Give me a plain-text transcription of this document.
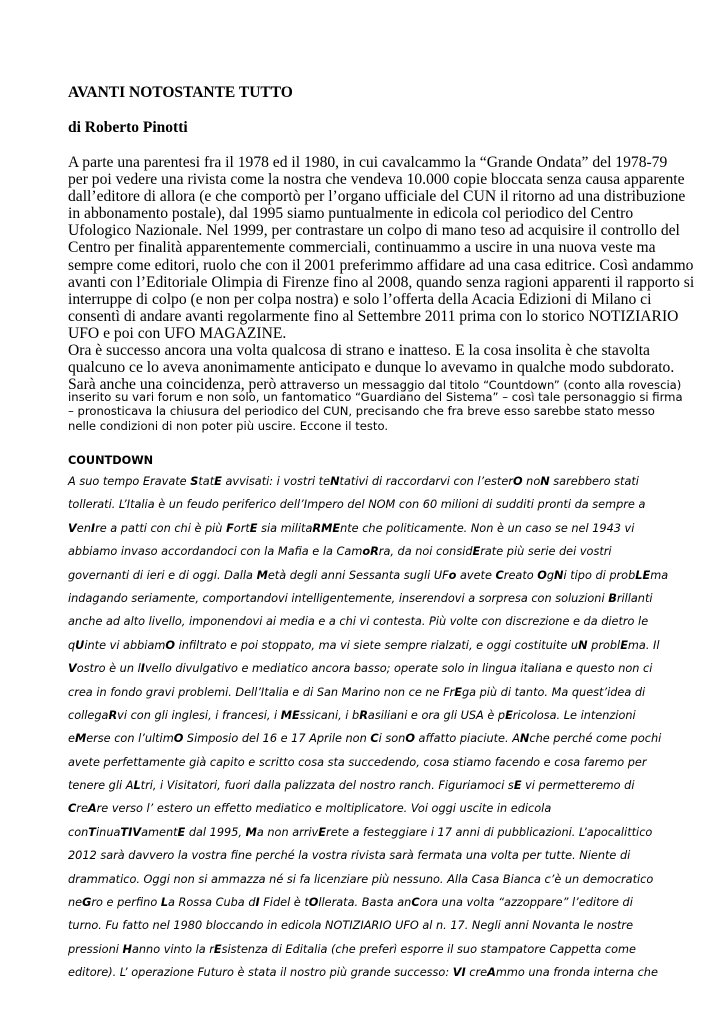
AVANTI NOTOSTANTE TUTTO
di Roberto Pinotti
A parte una parentesi fra il 1978 ed il 1980, in cui cavalcammo la “Grande Ondata” del 1978-79
per poi vedere una rivista come la nostra che vendeva 10.000 copie bloccata senza causa apparente
dall’editore di allora (e che comportò per l’organo ufficiale del CUN il ritorno ad una distribuzione
in abbonamento postale), dal 1995 siamo puntualmente in edicola col periodico del Centro
Ufologico Nazionale. Nel 1999, per contrastare un colpo di mano teso ad acquisire il controllo del
Centro per finalità apparentemente commerciali, continuammo a uscire in una nuova veste ma
sempre come editori, ruolo che con il 2001 preferimmo affidare ad una casa editrice. Così andammo
avanti con l’Editoriale Olimpia di Firenze fino al 2008, quando senza ragioni apparenti il rapporto si
interruppe di colpo (e non per colpa nostra) e solo l’offerta della Acacia Edizioni di Milano ci
consentì di andare avanti regolarmente fino al Settembre 2011 prima con lo storico NOTIZIARIO
UFO e poi con UFO MAGAZINE.
Ora è successo ancora una volta qualcosa di strano e inatteso. E la cosa insolita è che stavolta
qualcuno ce lo aveva anonimamente anticipato e dunque lo avevamo in qualche modo subdorato.
Sarà anche una coincidenza, però attraverso un messaggio dal titolo “Countdown” (conto alla rovescia)
inserito su vari forum e non solo, un fantomatico “Guardiano del Sistema” – così tale personaggio si firma
– pronosticava la chiusura del periodico del CUN, precisando che fra breve esso sarebbe stato messo
nelle condizioni di non poter più uscire. Eccone il testo.
COUNTDOWN
A suo tempo Eravate StatE avvisati: i vostri teNtativi di raccordarvi con l’esterO noN sarebbero stati
tollerati. L’Italia è un feudo periferico dell’Impero del NOM con 60 milioni di sudditi pronti da sempre a
VenIre a patti con chi è più FortE sia militaRMEnte che politicamente. Non è un caso se nel 1943 vi
abbiamo invaso accordandoci con la Mafia e la CamoRra, da noi considErate più serie dei vostri
governanti di ieri e di oggi. Dalla Metà degli anni Sessanta sugli UFo avete Creato OgNi tipo di probLEma
indagando seriamente, comportandovi intelligentemente, inserendovi a sorpresa con soluzioni Brillanti
anche ad alto livello, imponendovi ai media e a chi vi contesta. Più volte con discrezione e da dietro le
qUinte vi abbiamO infiltrato e poi stoppato, ma vi siete sempre rialzati, e oggi costituite uN problEma. Il
Vostro è un lIvello divulgativo e mediatico ancora basso; operate solo in lingua italiana e questo non ci
crea in fondo gravi problemi. Dell’Italia e di San Marino non ce ne FrEga più di tanto. Ma quest’idea di
collegaRvi con gli inglesi, i francesi, i MEssicani, i bRasiliani e ora gli USA è pEricolosa. Le intenzioni
eMerse con l’ultimO Simposio del 16 e 17 Aprile non Ci sonO affatto piaciute. ANche perché come pochi
avete perfettamente già capito e scritto cosa sta succedendo, cosa stiamo facendo e cosa faremo per
tenere gli ALtri, i Visitatori, fuori dalla palizzata del nostro ranch. Figuriamoci sE vi permetteremo di
CreAre verso l’ estero un effetto mediatico e moltiplicatore. Voi oggi uscite in edicola
conTinuaTIVamentE dal 1995, Ma non arrivErete a festeggiare i 17 anni di pubblicazioni. L’apocalittico
2012 sarà davvero la vostra fine perché la vostra rivista sarà fermata una volta per tutte. Niente di
drammatico. Oggi non si ammazza né si fa licenziare più nessuno. Alla Casa Bianca c’è un democratico
neGro e perfino La Rossa Cuba dI Fidel è tOllerata. Basta anCora una volta “azzoppare” l’editore di
turno. Fu fatto nel 1980 bloccando in edicola NOTIZIARIO UFO al n. 17. Negli anni Novanta le nostre
pressioni Hanno vinto la rEsistenza di Editalia (che preferì esporre il suo stampatore Cappetta come
editore). L’ operazione Futuro è stata il nostro più grande successo: VI creAmmo una fronda interna che
